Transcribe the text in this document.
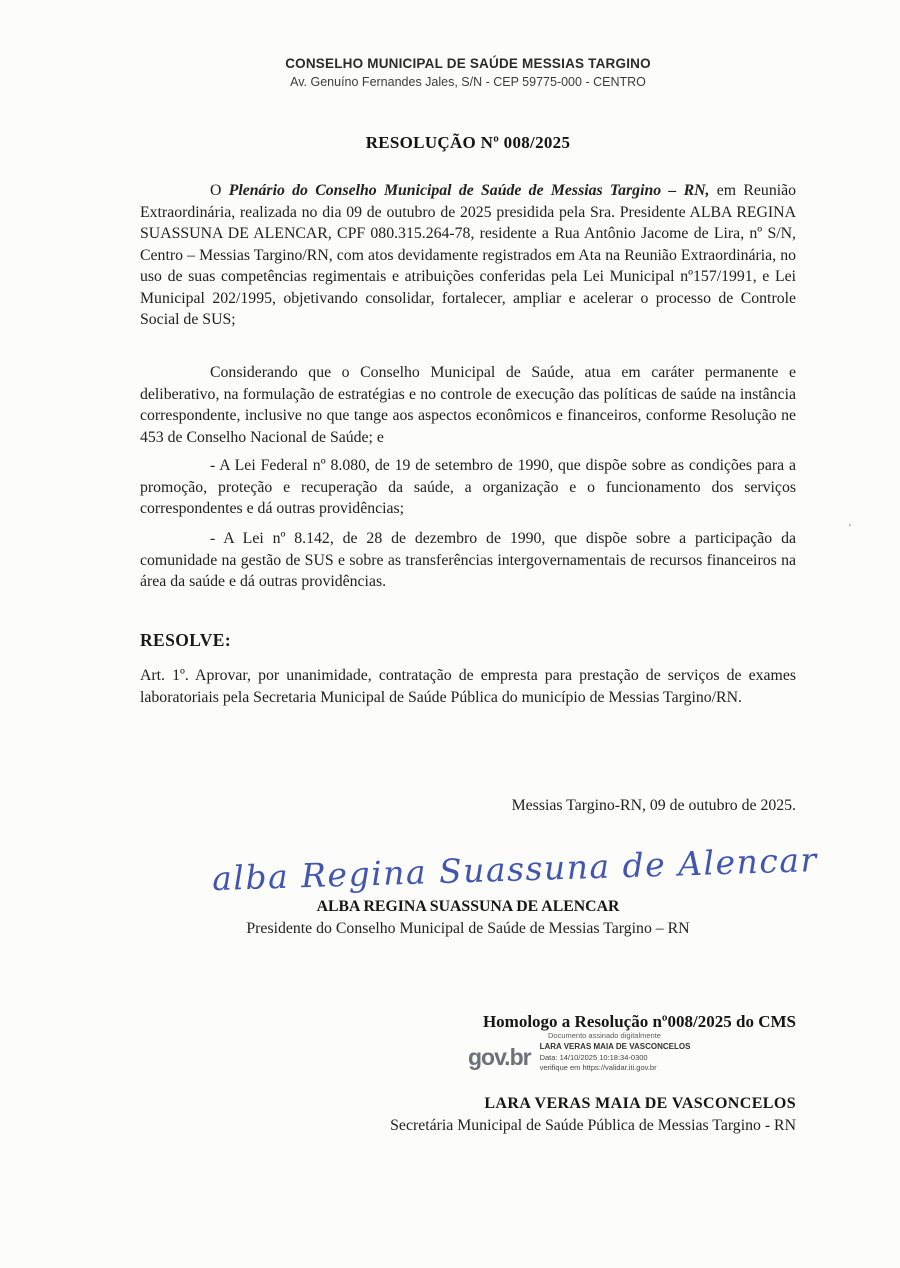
CONSELHO MUNICIPAL DE SAÚDE MESSIAS TARGINO
Av. Genuíno Fernandes Jales, S/N - CEP 59775-000 - CENTRO
RESOLUÇÃO Nº 008/2025

O Plenário do Conselho Municipal de Saúde de Messias Targino – RN, em Reunião Extraordinária, realizada no dia 09 de outubro de 2025 presidida pela Sra. Presidente ALBA REGINA SUASSUNA DE ALENCAR, CPF 080.315.264-78, residente a Rua Antônio Jacome de Lira, nº S/N, Centro – Messias Targino/RN, com atos devidamente registrados em Ata na Reunião Extraordinária, no uso de suas competências regimentais e atribuições conferidas pela Lei Municipal nº157/1991, e Lei Municipal 202/1995, objetivando consolidar, fortalecer, ampliar e acelerar o processo de Controle Social de SUS;

Considerando que o Conselho Municipal de Saúde, atua em caráter permanente e deliberativo, na formulação de estratégias e no controle de execução das políticas de saúde na instância correspondente, inclusive no que tange aos aspectos econômicos e financeiros, conforme Resolução ne 453 de Conselho Nacional de Saúde; e

- A Lei Federal nº 8.080, de 19 de setembro de 1990, que dispõe sobre as condições para a promoção, proteção e recuperação da saúde, a organização e o funcionamento dos serviços correspondentes e dá outras providências;

- A Lei nº 8.142, de 28 de dezembro de 1990, que dispõe sobre a participação da comunidade na gestão de SUS e sobre as transferências intergovernamentais de recursos financeiros na área da saúde e dá outras providências.

RESOLVE:

Art. 1º. Aprovar, por unanimidade, contratação de empresta para prestação de serviços de exames laboratoriais pela Secretaria Municipal de Saúde Pública do município de Messias Targino/RN.

Messias Targino-RN, 09 de outubro de 2025.

alba Regina Suassuna de Alencar
ALBA REGINA SUASSUNA DE ALENCAR
Presidente do Conselho Municipal de Saúde de Messias Targino – RN
Homologo a Resolução nº008/2025 do CMS
Documento assinado digitalmente
gov.br LARA VERAS MAIA DE VASCONCELOS
Data: 14/10/2025 10:18:34-0300
verifique em https://validar.iti.gov.br
LARA VERAS MAIA DE VASCONCELOS
Secretária Municipal de Saúde Pública de Messias Targino - RN
’
